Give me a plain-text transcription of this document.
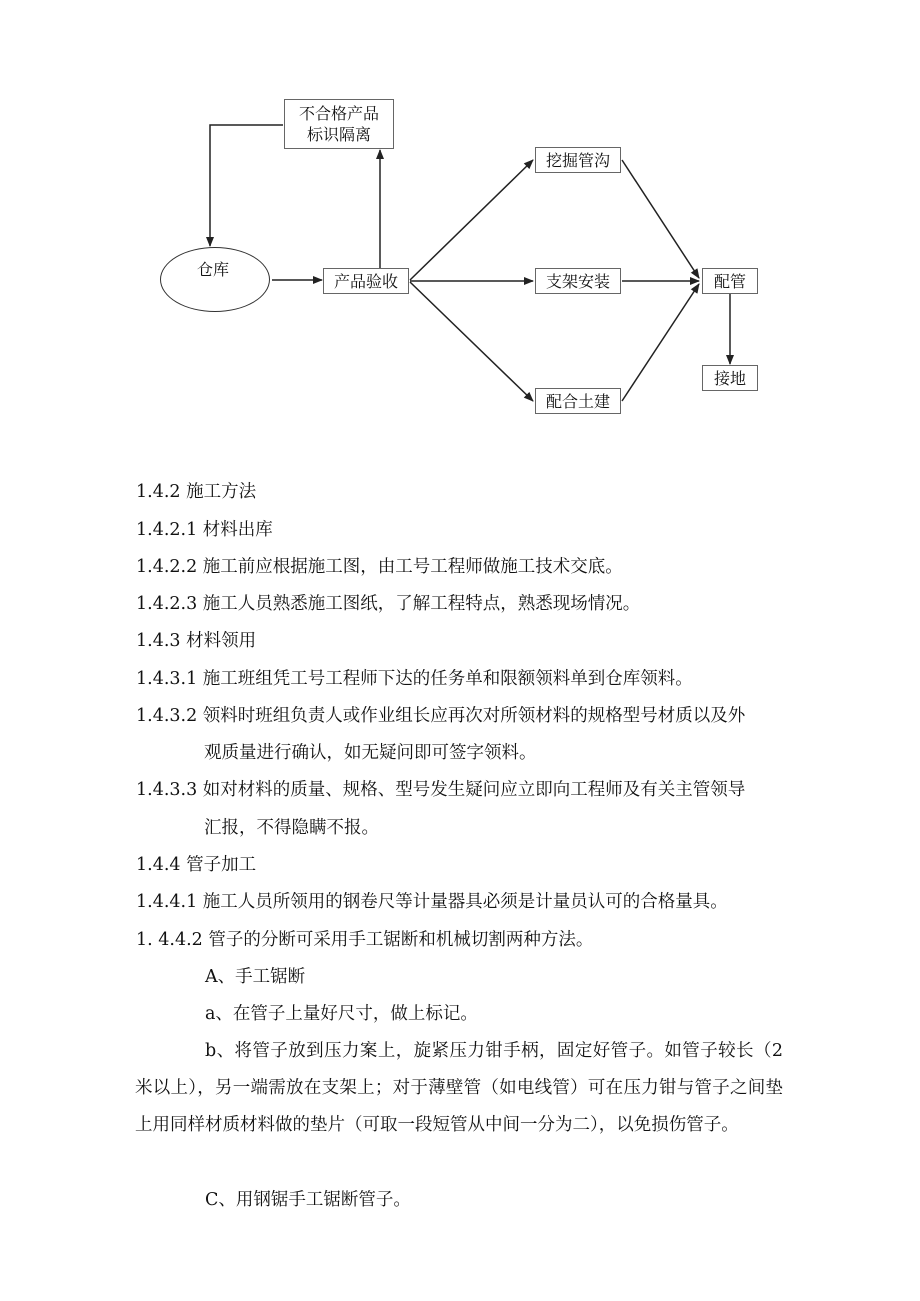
不合格产品
标识隔离
仓库
产品验收
挖掘管沟
支架安装
配合土建
配管
接地
1.4.2 施工方法
1.4.2.1 材料出库
1.4.2.2 施工前应根据施工图，由工号工程师做施工技术交底。
1.4.2.3 施工人员熟悉施工图纸，了解工程特点，熟悉现场情况。
1.4.3 材料领用
1.4.3.1 施工班组凭工号工程师下达的任务单和限额领料单到仓库领料。
1.4.3.2 领料时班组负责人或作业组长应再次对所领材料的规格型号材质以及外
观质量进行确认，如无疑问即可签字领料。
1.4.3.3 如对材料的质量、规格、型号发生疑问应立即向工程师及有关主管领导
汇报，不得隐瞒不报。
1.4.4 管子加工
1.4.4.1 施工人员所领用的钢卷尺等计量器具必须是计量员认可的合格量具。
1. 4.4.2 管子的分断可采用手工锯断和机械切割两种方法。
A、手工锯断
a、在管子上量好尺寸，做上标记。
b、将管子放到压力案上，旋紧压力钳手柄，固定好管子。如管子较长（2米以上），另一端需放在支架上；对于薄壁管（如电线管）可在压力钳与管子之间垫上用同样材质材料做的垫片（可取一段短管从中间一分为二），以免损伤管子。
C、用钢锯手工锯断管子。
